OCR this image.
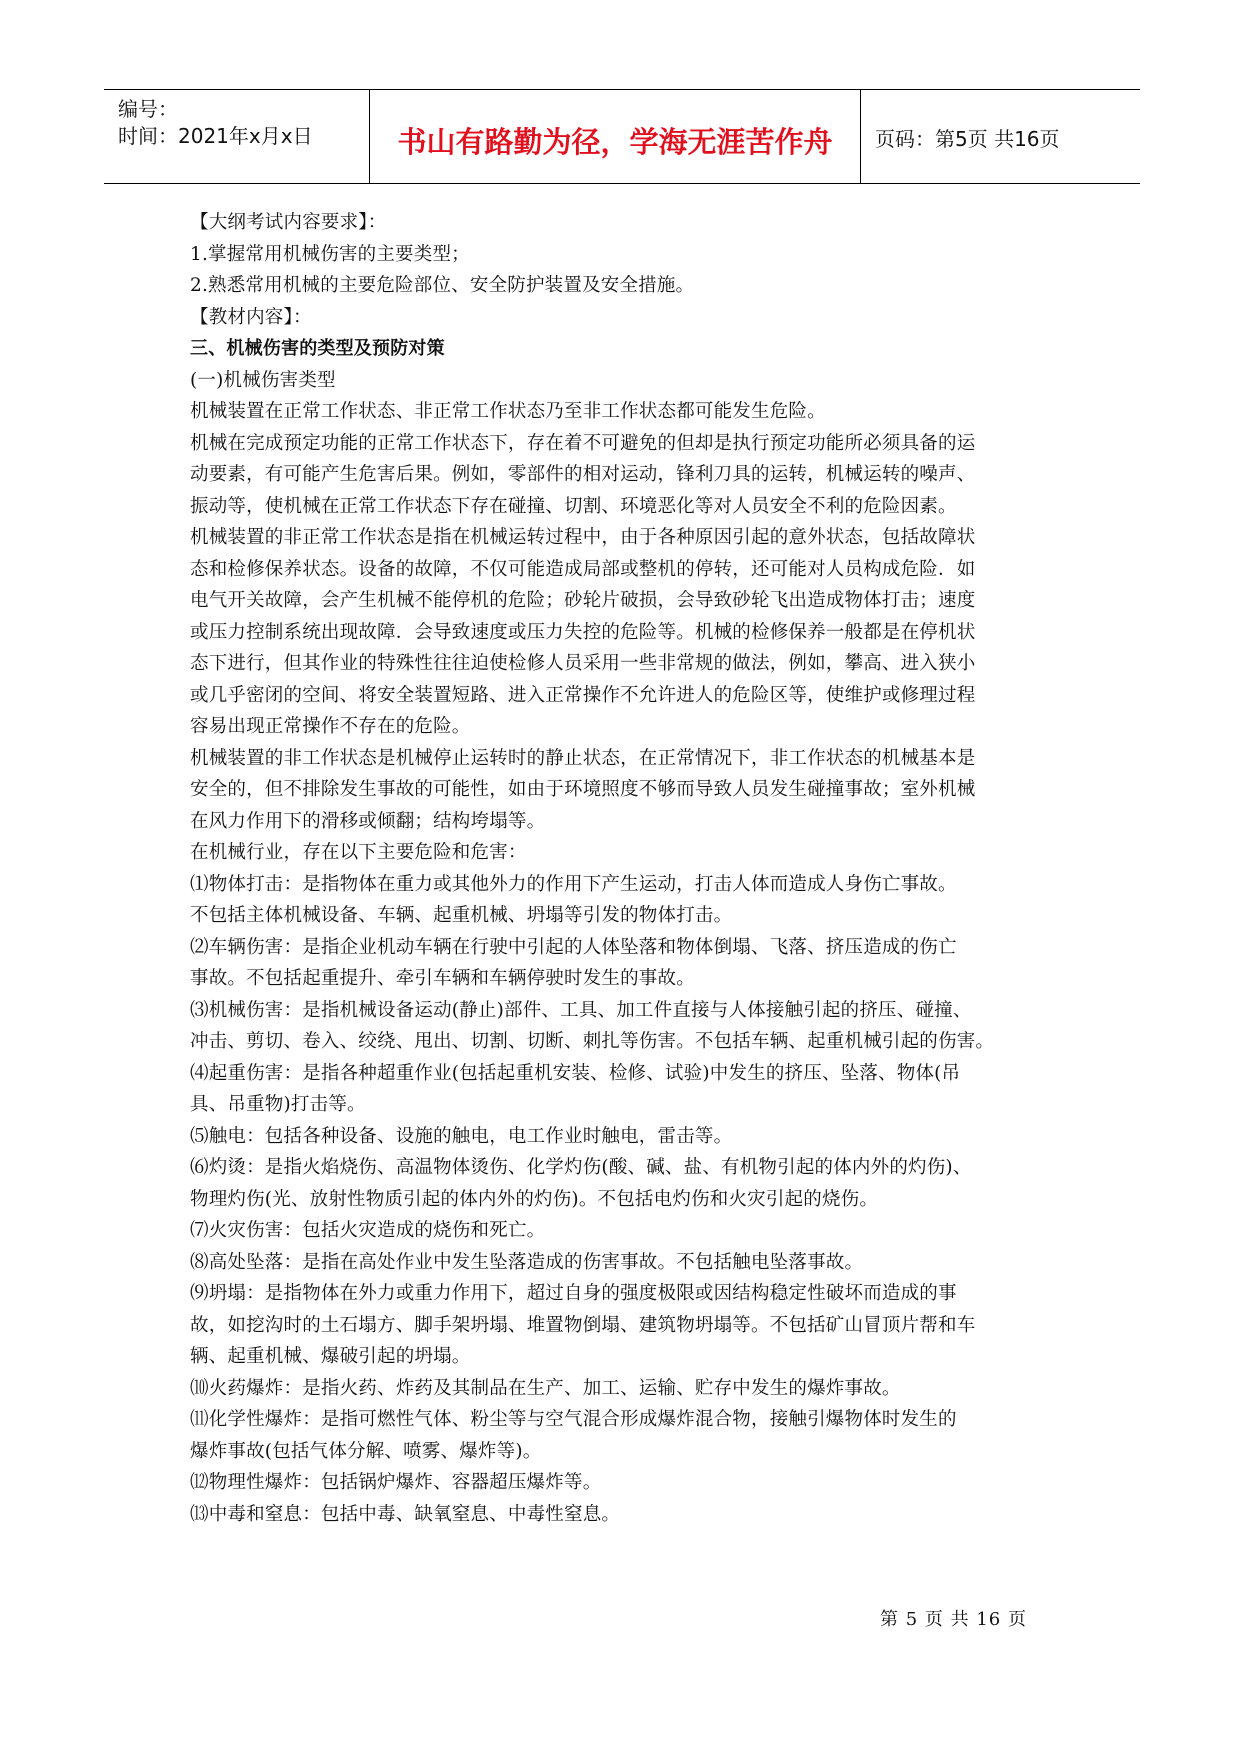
编号：
时间：2021年x月x日	书山有路勤为径，学海无涯苦作舟	页码：第5页 共16页
【大纲考试内容要求】：
1.掌握常用机械伤害的主要类型；
2.熟悉常用机械的主要危险部位、安全防护装置及安全措施。
【教材内容】：
三、机械伤害的类型及预防对策
(一)机械伤害类型
机械装置在正常工作状态、非正常工作状态乃至非工作状态都可能发生危险。
机械在完成预定功能的正常工作状态下，存在着不可避免的但却是执行预定功能所必须具备的运
动要素，有可能产生危害后果。例如，零部件的相对运动，锋利刀具的运转，机械运转的噪声、
振动等，使机械在正常工作状态下存在碰撞、切割、环境恶化等对人员安全不利的危险因素。
机械装置的非正常工作状态是指在机械运转过程中，由于各种原因引起的意外状态，包括故障状
态和检修保养状态。设备的故障，不仅可能造成局部或整机的停转，还可能对人员构成危险．如
电气开关故障，会产生机械不能停机的危险；砂轮片破损，会导致砂轮飞出造成物体打击；速度
或压力控制系统出现故障．会导致速度或压力失控的危险等。机械的检修保养一般都是在停机状
态下进行，但其作业的特殊性往往迫使检修人员采用一些非常规的做法，例如，攀高、进入狭小
或几乎密闭的空间、将安全装置短路、进入正常操作不允许进人的危险区等，使维护或修理过程
容易出现正常操作不存在的危险。
机械装置的非工作状态是机械停止运转时的静止状态，在正常情况下，非工作状态的机械基本是
安全的，但不排除发生事故的可能性，如由于环境照度不够而导致人员发生碰撞事故；室外机械
在风力作用下的滑移或倾翻；结构垮塌等。
在机械行业，存在以下主要危险和危害：
⑴物体打击：是指物体在重力或其他外力的作用下产生运动，打击人体而造成人身伤亡事故。
不包括主体机械设备、车辆、起重机械、坍塌等引发的物体打击。
⑵车辆伤害：是指企业机动车辆在行驶中引起的人体坠落和物体倒塌、飞落、挤压造成的伤亡
事故。不包括起重提升、牵引车辆和车辆停驶时发生的事故。
⑶机械伤害：是指机械设备运动(静止)部件、工具、加工件直接与人体接触引起的挤压、碰撞、
冲击、剪切、卷入、绞绕、甩出、切割、切断、刺扎等伤害。不包括车辆、起重机械引起的伤害。
⑷起重伤害：是指各种超重作业(包括起重机安装、检修、试验)中发生的挤压、坠落、物体(吊
具、吊重物)打击等。
⑸触电：包括各种设备、设施的触电，电工作业时触电，雷击等。
⑹灼烫：是指火焰烧伤、高温物体烫伤、化学灼伤(酸、碱、盐、有机物引起的体内外的灼伤)、
物理灼伤(光、放射性物质引起的体内外的灼伤)。不包括电灼伤和火灾引起的烧伤。
⑺火灾伤害：包括火灾造成的烧伤和死亡。
⑻高处坠落：是指在高处作业中发生坠落造成的伤害事故。不包括触电坠落事故。
⑼坍塌：是指物体在外力或重力作用下，超过自身的强度极限或因结构稳定性破坏而造成的事
故，如挖沟时的土石塌方、脚手架坍塌、堆置物倒塌、建筑物坍塌等。不包括矿山冒顶片帮和车
辆、起重机械、爆破引起的坍塌。
⑽火药爆炸：是指火药、炸药及其制品在生产、加工、运输、贮存中发生的爆炸事故。
⑾化学性爆炸：是指可燃性气体、粉尘等与空气混合形成爆炸混合物，接触引爆物体时发生的
爆炸事故(包括气体分解、喷雾、爆炸等)。
⑿物理性爆炸：包括锅炉爆炸、容器超压爆炸等。
⒀中毒和窒息：包括中毒、缺氧窒息、中毒性窒息。
第 5 页 共 16 页
